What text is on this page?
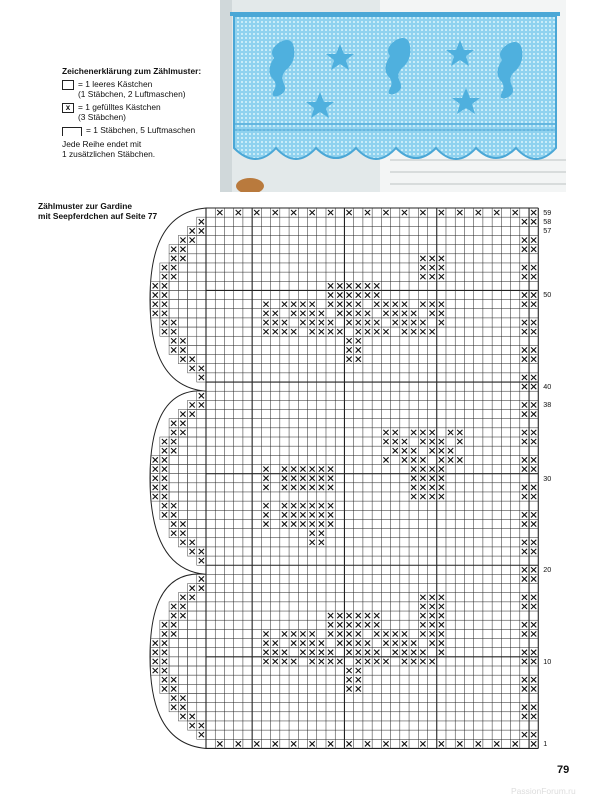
Zeichenerklärung zum Zählmuster:
= 1 leeres Kästchen
(1 Stäbchen, 2 Luftmaschen)
x = 1 gefülltes Kästchen
(3 Stäbchen)
= 1 Stäbchen, 5 Luftmaschen
Jede Reihe endet mit
1 zusätzlichen Stäbchen.
Zählmuster zur Gardine
mit Seepferdchen auf Seite 77	59
58
57
50
40
38
30
20
10
1
79
PassionForum.ru
